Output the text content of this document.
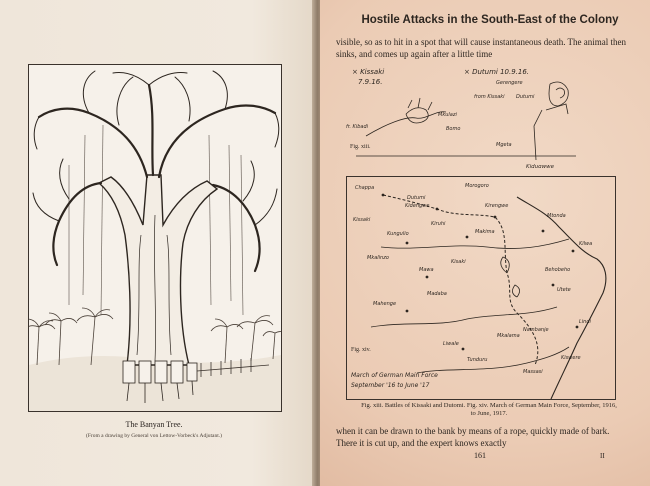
The Banyan Tree.
(From a drawing by General von Lettow-Vorbeck's Adjutant.)
Hostile Attacks in the South-East of the Colony
visible, so as to hit in a spot that will cause instantaneous death. The animal then sinks, and comes up again after a little time
× Kissaki
7.9.16.
× Dutumi 10.9.16.
Gerengere
from Kissaki Dutumi
fr. Kibadi
Mkulazi
Bomo
Mgeta
Kidugwwe
Fig. xiii.
Chappa
Dutumi
Kidengwe
Morogoro
Kirengwe
Kissaki
Makima
Kiruhi
Kungulio
Mkalinzo
Mawa
Kisaki
Mtonda
Kilwa
Behobeho
Utete
Mahenge
Madaba
Liwale
Mkalama
Lindi
Nambanje
Tunduru	Kiswere
Massasi
Fig. xiv.
March of German Main Force
September '16 to June '17
Fig. xiii. Battles of Kissaki and Dutomi. Fig. xiv. March of German Main Force, September, 1916, to June, 1917.
when it can be drawn to the bank by means of a rope, quickly made of bark. There it is cut up, and the expert knows exactly
161	II
